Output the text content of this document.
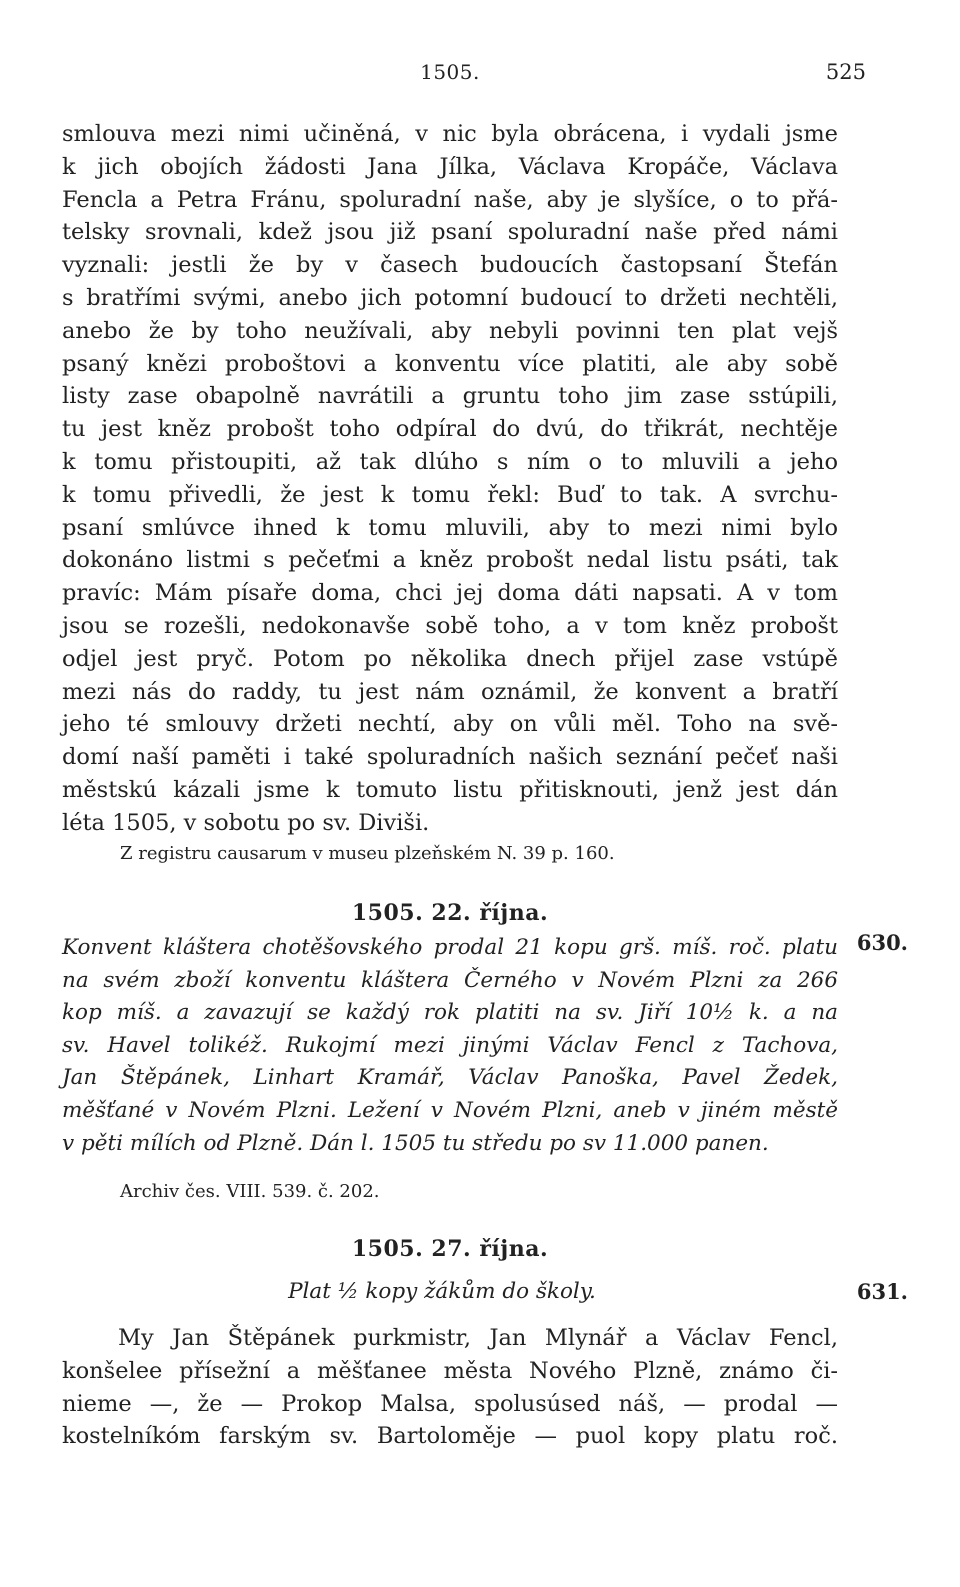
1505.	525
smlouva mezi nimi učiněná, v nic byla obrácena, i vydali jsme
k jich obojích žádosti Jana Jílka, Václava Kropáče, Václava
Fencla a Petra Fránu, spoluradní naše, aby je slyšíce, o to přá-
telsky srovnali, kdež jsou již psaní spoluradní naše před námi
vyznali: jestli že by v časech budoucích častopsaní Štefán
s bratřími svými, anebo jich potomní budoucí to držeti nechtěli,
anebo že by toho neužívali, aby nebyli povinni ten plat vejš
psaný knězi proboštovi a konventu více platiti, ale aby sobě
listy zase obapolně navrátili a gruntu toho jim zase sstúpili,
tu jest kněz probošt toho odpíral do dvú, do třikrát, nechtěje
k tomu přistoupiti, až tak dlúho s ním o to mluvili a jeho
k tomu přivedli, že jest k tomu řekl: Buď to tak. A svrchu-
psaní smlúvce ihned k tomu mluvili, aby to mezi nimi bylo
dokonáno listmi s pečeťmi a kněz probošt nedal listu psáti, tak
pravíc: Mám písaře doma, chci jej doma dáti napsati. A v tom
jsou se rozešli, nedokonavše sobě toho, a v tom kněz probošt
odjel jest pryč. Potom po několika dnech přijel zase vstúpě
mezi nás do raddy, tu jest nám oznámil, že konvent a bratří
jeho té smlouvy držeti nechtí, aby on vůli měl. Toho na svě-
domí naší paměti i také spoluradních našich seznání pečeť naši
městskú kázali jsme k tomuto listu přitisknouti, jenž jest dán
léta 1505, v sobotu po sv. Diviši.
Z registru causarum v museu plzeňském N. 39 p. 160.
1505. 22. října.
630.
Konvent kláštera chotěšovského prodal 21 kopu grš. míš. roč. platu
na svém zboží konventu kláštera Černého v Novém Plzni za 266
kop míš. a zavazují se každý rok platiti na sv. Jiří 10½ k. a na
sv. Havel tolikéž. Rukojmí mezi jinými Václav Fencl z Tachova,
Jan Štěpánek, Linhart Kramář, Václav Panoška, Pavel Žedek,
měšťané v Novém Plzni. Ležení v Novém Plzni, aneb v jiném městě
v pěti mílích od Plzně. Dán l. 1505 tu středu po sv 11.000 panen.
Archiv čes. VIII. 539. č. 202.
1505. 27. října.
Plat ½ kopy žákům do školy.	631.
My Jan Štěpánek purkmistr, Jan Mlynář a Václav Fencl,
konšelee přísežní a měšťanee města Nového Plzně, známo či-
nieme —, že — Prokop Malsa, spolusúsed náš, — prodal —
kostelníkóm farským sv. Bartoloměje — puol kopy platu roč.
